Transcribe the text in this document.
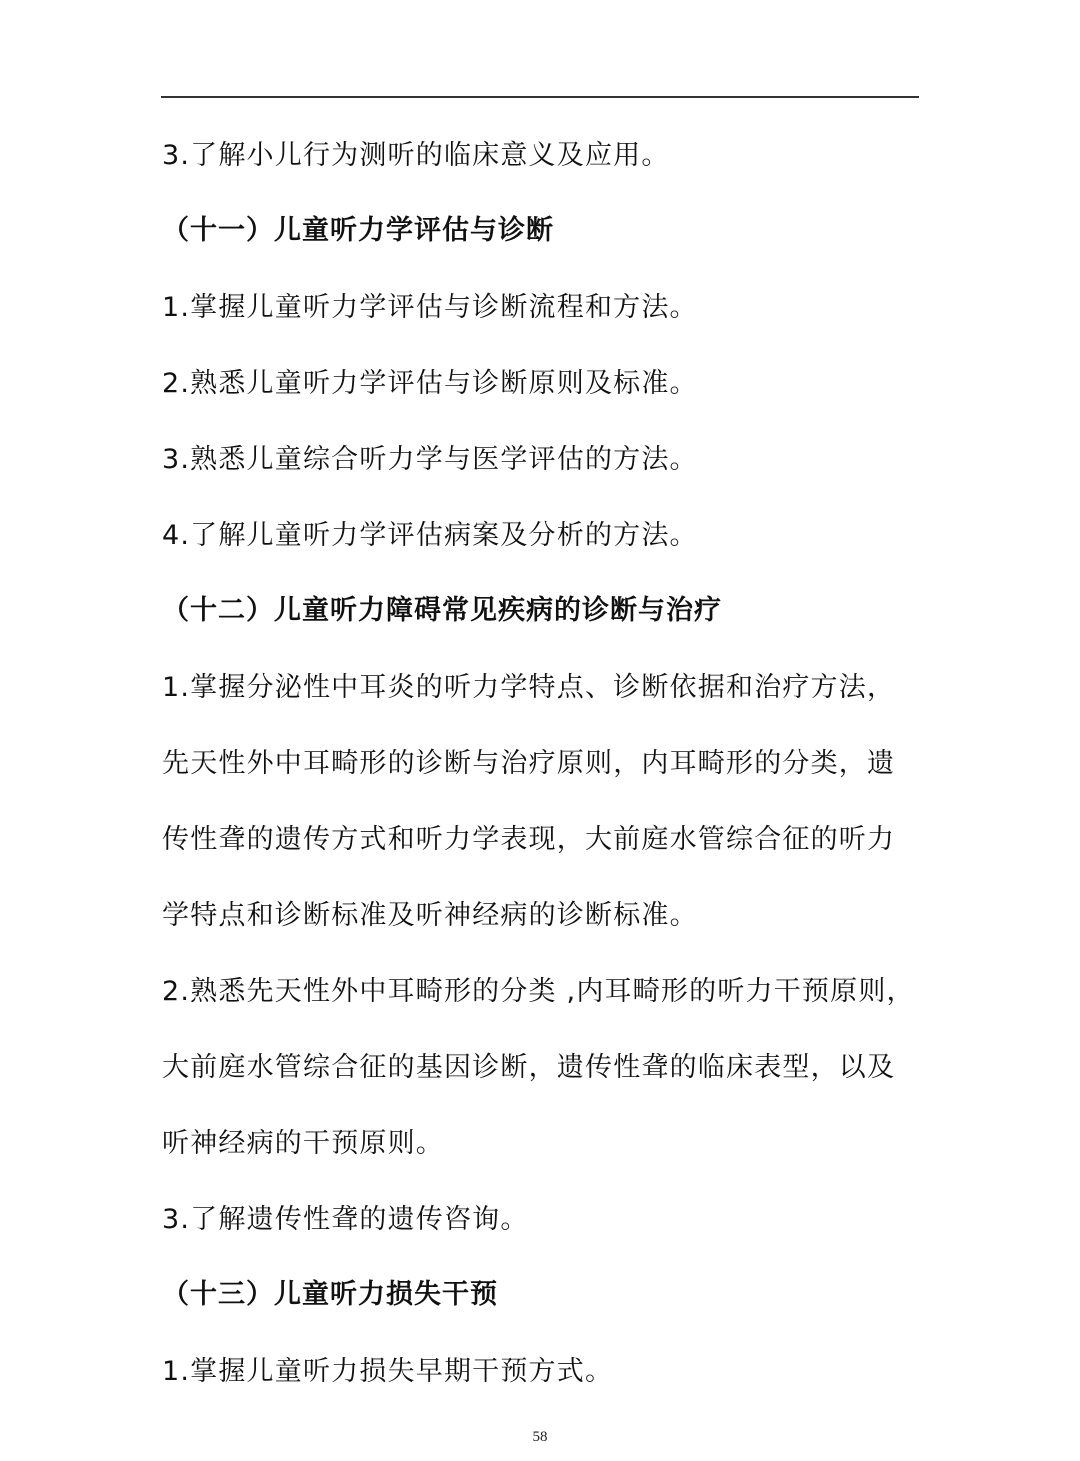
3.了解小儿行为测听的临床意义及应用。
（十一）儿童听力学评估与诊断
1.掌握儿童听力学评估与诊断流程和方法。
2.熟悉儿童听力学评估与诊断原则及标准。
3.熟悉儿童综合听力学与医学评估的方法。
4.了解儿童听力学评估病案及分析的方法。
（十二）儿童听力障碍常见疾病的诊断与治疗
1.掌握分泌性中耳炎的听力学特点、诊断依据和治疗方法，
先天性外中耳畸形的诊断与治疗原则，内耳畸形的分类，遗
传性聋的遗传方式和听力学表现，大前庭水管综合征的听力
学特点和诊断标准及听神经病的诊断标准。
2.熟悉先天性外中耳畸形的分类 ,内耳畸形的听力干预原则，
大前庭水管综合征的基因诊断，遗传性聋的临床表型，以及
听神经病的干预原则。
3.了解遗传性聋的遗传咨询。
（十三）儿童听力损失干预
1.掌握儿童听力损失早期干预方式。
58
